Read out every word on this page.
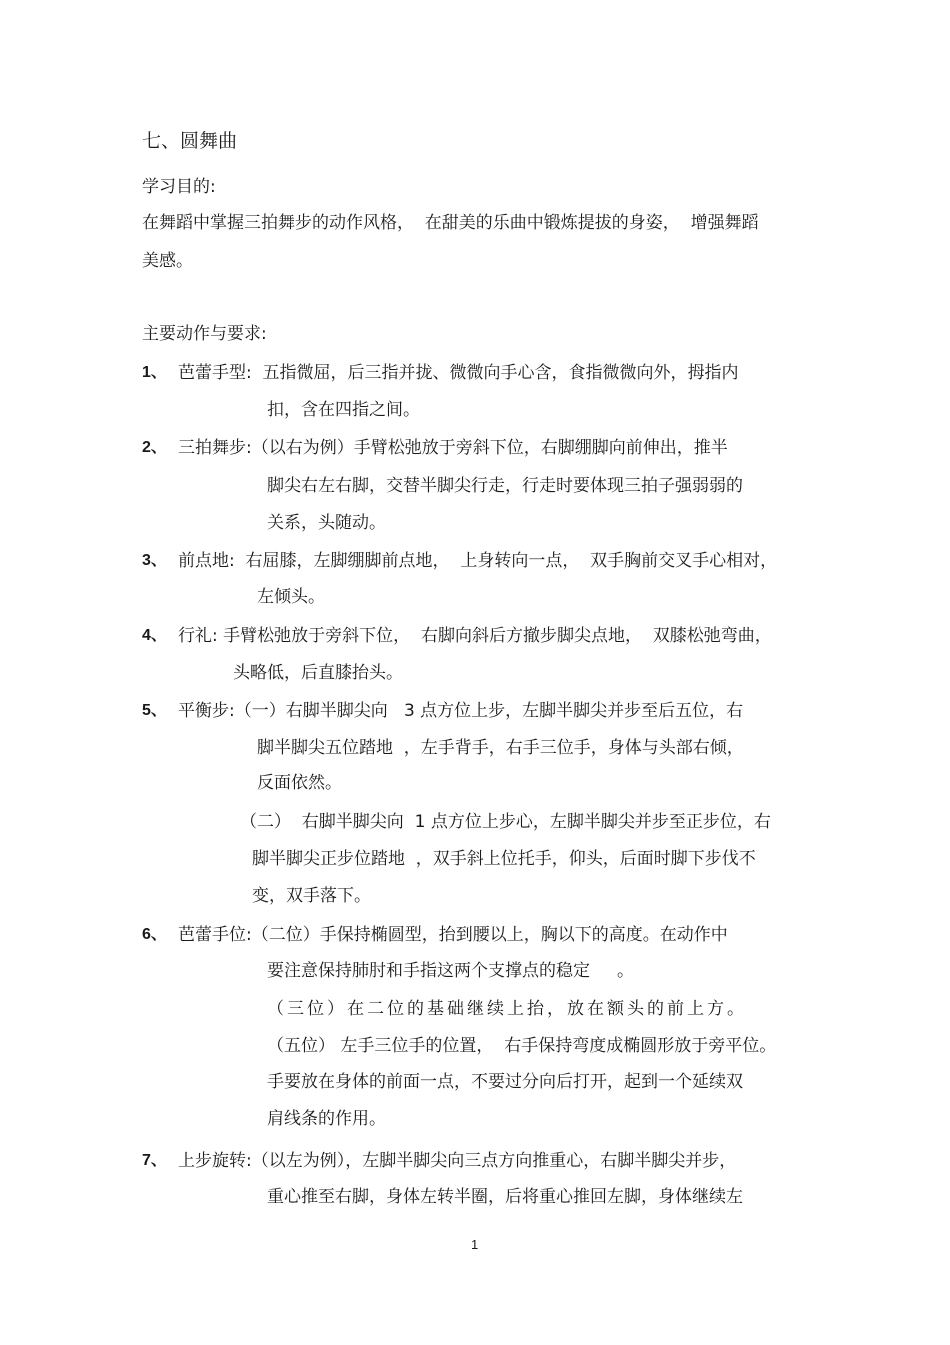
七、圆舞曲
学习目的:
在舞蹈中掌握三拍舞步的动作风格，  在甜美的乐曲中锻炼提拔的身姿，  增强舞蹈
美感。
主要动作与要求:
1、 芭蕾手型:  五指微屈，后三指并拢、微微向手心含，食指微微向外，拇指内
扣，含在四指之间。
2、 三拍舞步:（以右为例）手臂松弛放于旁斜下位，右脚绷脚向前伸出，推半
脚尖右左右脚，交替半脚尖行走，行走时要体现三拍子强弱弱的
关系，头随动。
3、 前点地:  右屈膝，左脚绷脚前点地，  上身转向一点，  双手胸前交叉手心相对，
左倾头。
4、 行礼: 手臂松弛放于旁斜下位，  右脚向斜后方撤步脚尖点地，  双膝松弛弯曲，
头略低，后直膝抬头。
5、 平衡步:（一）右脚半脚尖向   3 点方位上步，左脚半脚尖并步至后五位，右
脚半脚尖五位踏地  ，左手背手，右手三位手，身体与头部右倾，
反面依然。
（二）  右脚半脚尖向  1 点方位上步心，左脚半脚尖并步至正步位，右
脚半脚尖正步位踏地  ，双手斜上位托手，仰头，后面时脚下步伐不
变，双手落下。
6、 芭蕾手位:（二位）手保持椭圆型，抬到腰以上，胸以下的高度。在动作中
要注意保持肺肘和手指这两个支撑点的稳定     。
（三位）在二位的基础继续上抬，放在额头的前上方。
（五位） 左手三位手的位置，  右手保持弯度成椭圆形放于旁平位。
手要放在身体的前面一点，不要过分向后打开，起到一个延续双
肩线条的作用。
7、 上步旋转:（以左为例），左脚半脚尖向三点方向推重心，右脚半脚尖并步，
重心推至右脚，身体左转半圈，后将重心推回左脚，身体继续左
1
